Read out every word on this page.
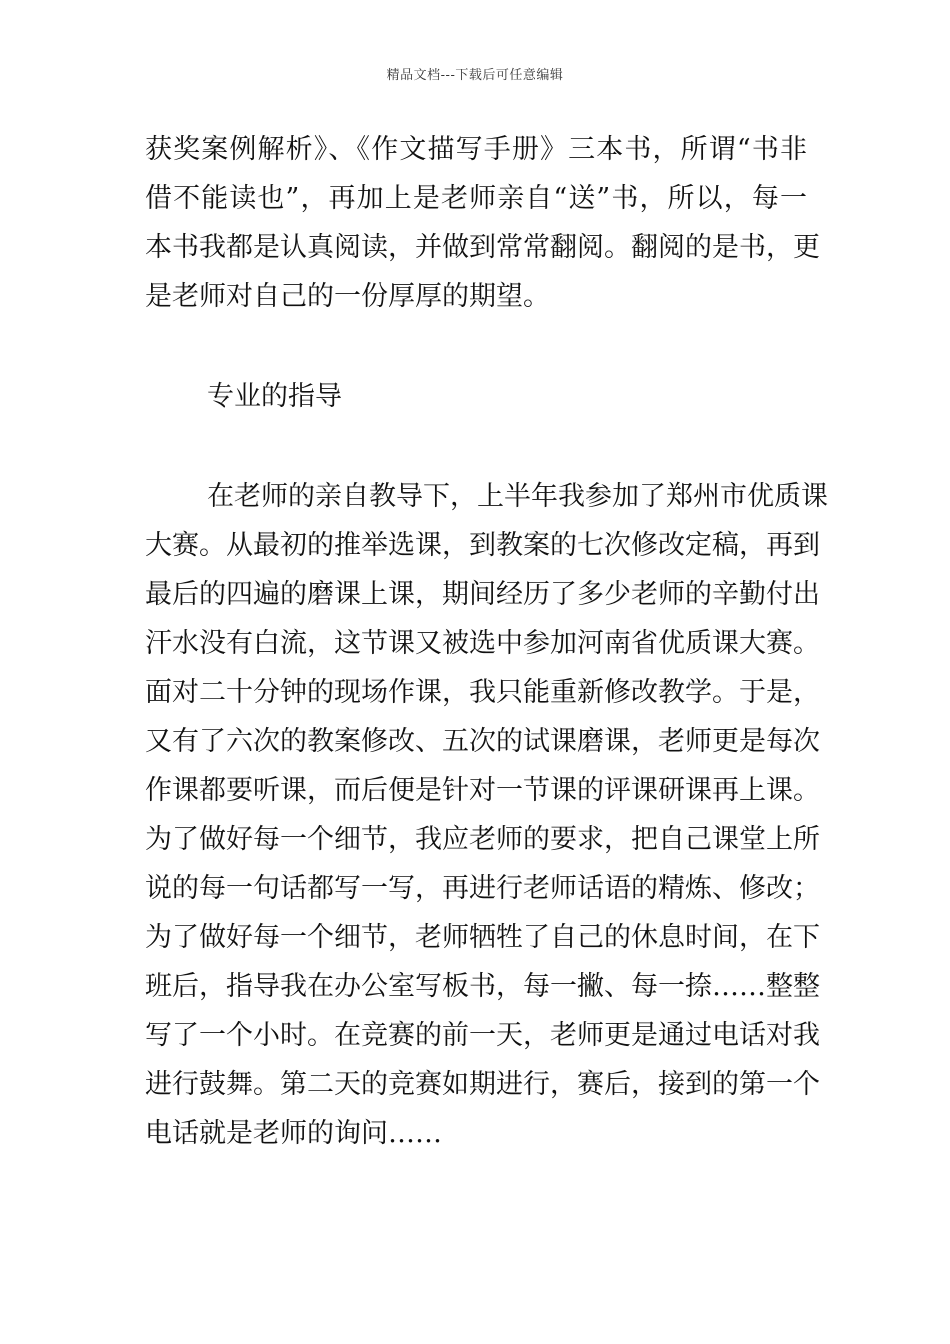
精品文档---下载后可任意编辑
获奖案例解析》、《作文描写手册》三本书，所谓“书非
借不能读也”，再加上是老师亲自“送”书，所以，每一
本书我都是认真阅读，并做到常常翻阅。翻阅的是书，更
是老师对自己的一份厚厚的期望。
专业的指导
在老师的亲自教导下，上半年我参加了郑州市优质课
大赛。从最初的推举选课，到教案的七次修改定稿，再到
最后的四遍的磨课上课，期间经历了多少老师的辛勤付出
汗水没有白流，这节课又被选中参加河南省优质课大赛。
面对二十分钟的现场作课，我只能重新修改教学。于是，
又有了六次的教案修改、五次的试课磨课，老师更是每次
作课都要听课，而后便是针对一节课的评课研课再上课。
为了做好每一个细节，我应老师的要求，把自己课堂上所
说的每一句话都写一写，再进行老师话语的精炼、修改；
为了做好每一个细节，老师牺牲了自己的休息时间，在下
班后，指导我在办公室写板书，每一撇、每一捺……整整
写了一个小时。在竞赛的前一天，老师更是通过电话对我
进行鼓舞。第二天的竞赛如期进行，赛后，接到的第一个
电话就是老师的询问……
